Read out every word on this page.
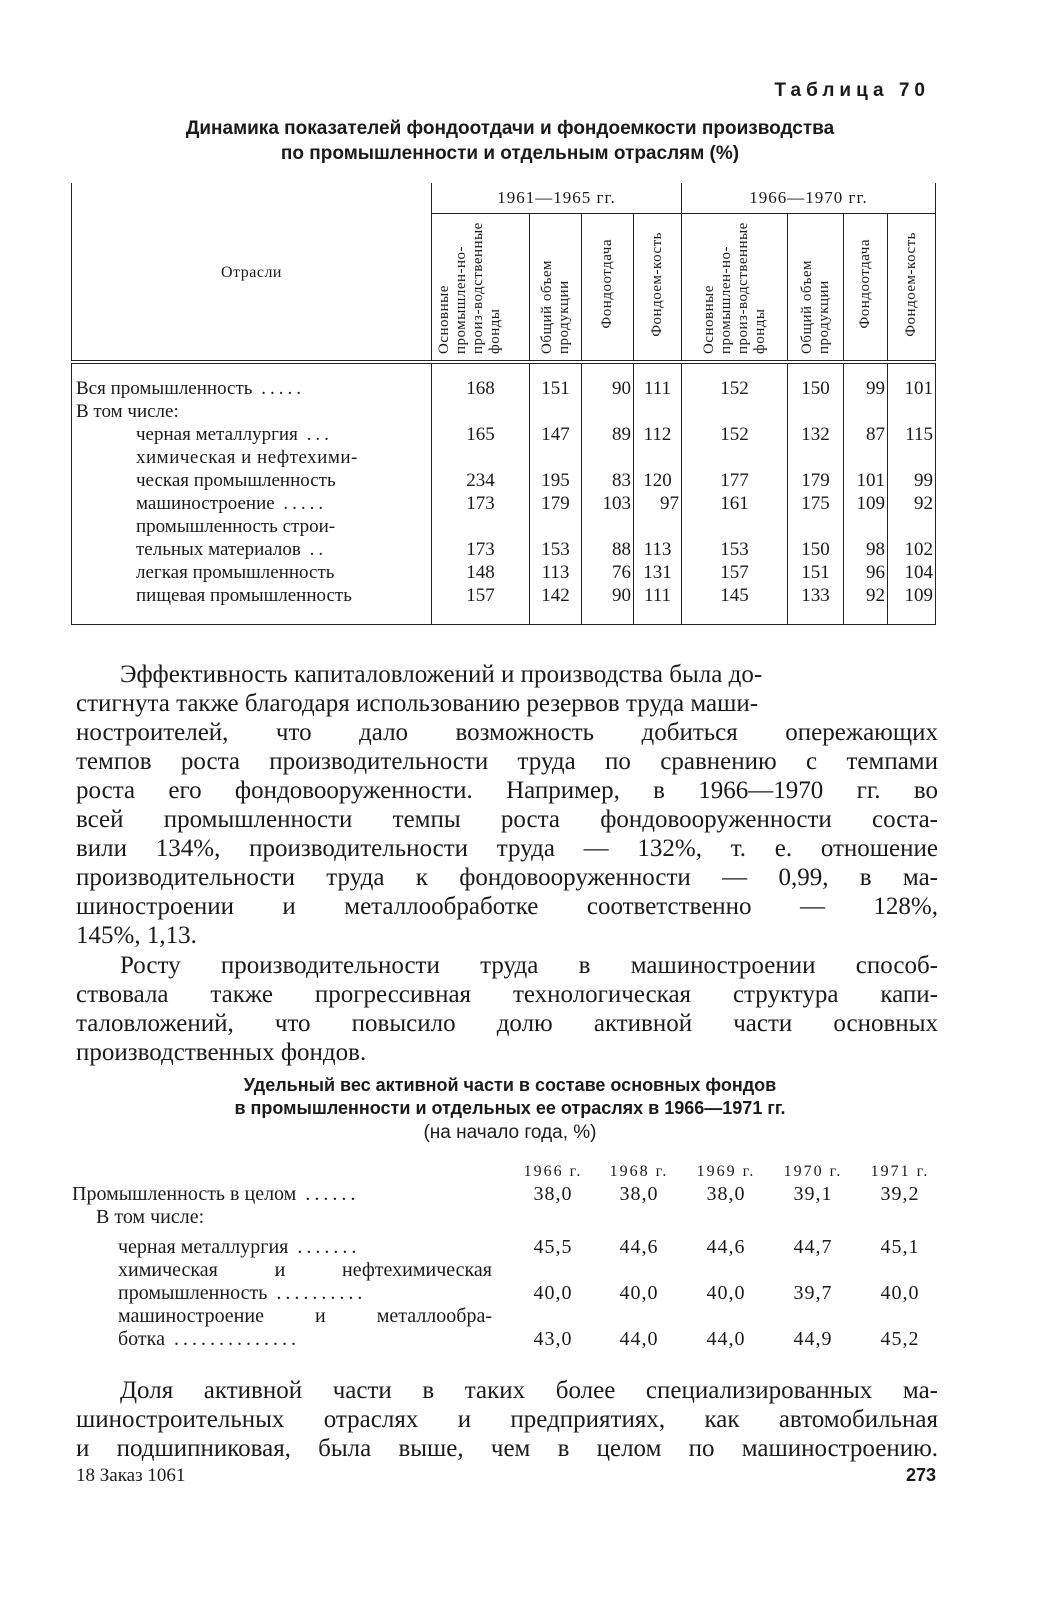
Таблица 70
Динамика показателей фондоотдачи и фондоемкости производства
по промышленности и отдельным отраслям (%)
Отрасли	1961—1965 гг.				1966—1970 гг.			
	Основные промышлен-но-произ-водственные фонды	Общий объем продукции	Фондоотдача	Фондоем-кость	Основные промышлен-но-произ-водственные фонды	Общий объем продукции	Фондоотдача	Фондоем-кость
Вся промышленность .....	168	151	90	111	152	150	99	101
В том числе:								
черная металлургия ...	165	147	89	112	152	132	87	115

химическая и нефтехими-
ческая промышленность	234	195	83	120	177	179	101	99
машиностроение .....	173	179	103	97	161	175	109	92

промышленность строи-
тельных материалов ..	173	153	88	113	153	150	98	102
легкая промышленность	148	113	76	131	157	151	96	104
пищевая промышленность	157	142	90	111	145	133	92	109
Эффективность капиталовложений и производства была до-
стигнута также благодаря использованию резервов труда маши-
ностроителей, что дало возможность добиться опережающих
темпов роста производительности труда по сравнению с темпами
роста его фондовооруженности. Например, в 1966—1970 гг. во
всей промышленности темпы роста фондовооруженности соста-
вили 134%, производительности труда — 132%, т. е. отношение
производительности труда к фондовооруженности — 0,99, в ма-
шиностроении и металлообработке соответственно — 128%,
145%, 1,13.
Росту производительности труда в машиностроении способ-
ствовала также прогрессивная технологическая структура капи-
таловложений, что повысило долю активной части основных
производственных фондов.
Удельный вес активной части в составе основных фондов
в промышленности и отдельных ее отраслях в 1966—1971 гг.
(на начало года, %)
	1966 г.	1968 г.	1969 г.	1970 г.	1971 г.
Промышленность в целом ......	38,0	38,0	38,0	39,1	39,2
В том числе:					
черная металлургия .......	45,5	44,6	44,6	44,7	45,1

химическая и нефтехимическая
промышленность ..........	40,0	40,0	40,0	39,7	40,0

машиностроение и металлообра-
ботка ..............	43,0	44,0	44,0	44,9	45,2
Доля активной части в таких более специализированных ма-
шиностроительных отраслях и предприятиях, как автомобильная
и подшипниковая, была выше, чем в целом по машиностроению.
18 Заказ 1061	273
